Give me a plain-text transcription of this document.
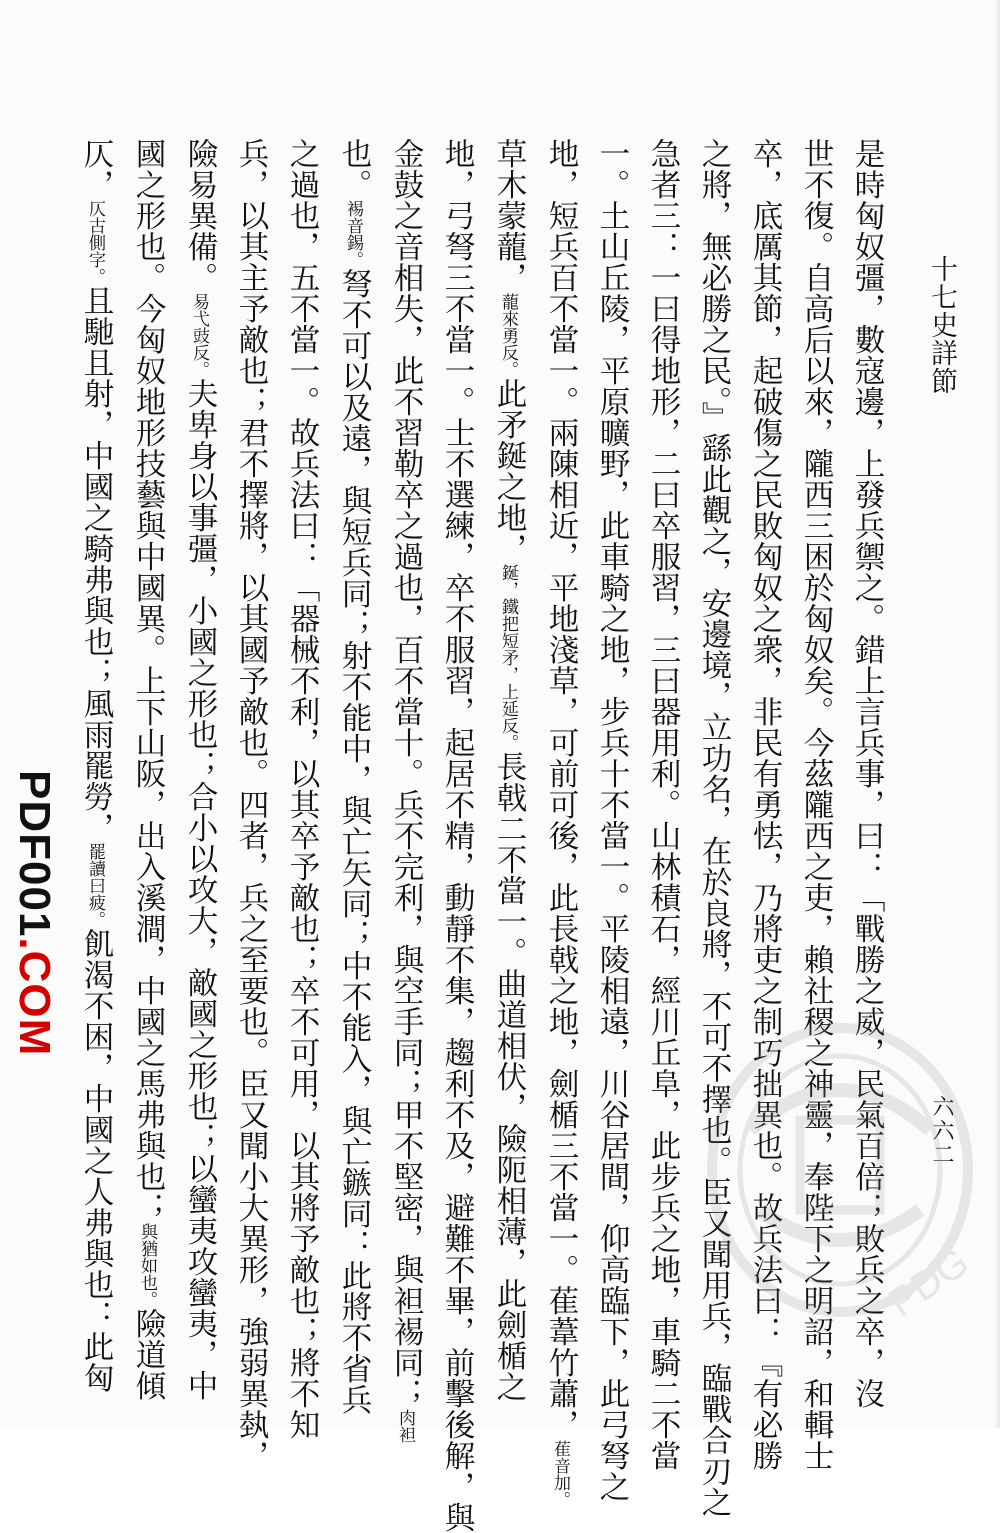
十七史詳節
六六二

是時匈奴彊，數寇邊，上發兵禦之。錯上言兵事，曰：「戰勝之威，民氣百倍；敗兵之卒，沒

世不復。自高后以來，隴西三困於匈奴矣。今茲隴西之吏，賴社稷之神靈，奉陛下之明詔，和輯士

卒，底厲其節，起破傷之民敗匈奴之衆，非民有勇怯，乃將吏之制巧拙異也。故兵法曰：『有必勝

之將，無必勝之民。』繇此觀之，安邊境，立功名，在於良將，不可不擇也。臣又聞用兵，臨戰合刃之

急者三：一曰得地形，二曰卒服習，三曰器用利。山林積石，經川丘阜，此步兵之地，車騎二不當

一。土山丘陵，平原曠野，此車騎之地，步兵十不當一。平陵相遠，川谷居間，仰高臨下，此弓弩之

地，短兵百不當一。兩陳相近，平地淺草，可前可後，此長戟之地，劍楯三不當一。萑葦竹蕭，萑音加。

草木蒙蘢，蘢來勇反。此矛鋋之地，鋋，鐵把短矛，上延反。長戟二不當一。曲道相伏，險阨相薄，此劍楯之

地，弓弩三不當一。士不選練，卒不服習，起居不精，動靜不集，趨利不及，避難不畢，前擊後解，與

金鼓之音相失，此不習勒卒之過也，百不當十。兵不完利，與空手同；甲不堅密，與袒裼同；肉袒

也。裼音錫。弩不可以及遠，與短兵同；射不能中，與亡矢同；中不能入，與亡鏃同：此將不省兵

之過也，五不當一。故兵法曰：「器械不利，以其卒予敵也；卒不可用，以其將予敵也；將不知

兵，以其主予敵也；君不擇將，以其國予敵也。四者，兵之至要也。臣又聞小大異形，強弱異埶，

險易異備。易弋豉反。夫卑身以事彊，小國之形也；合小以攻大，敵國之形也；以蠻夷攻蠻夷，中

國之形也。今匈奴地形技藝與中國異。上下山阪，出入溪澗，中國之馬弗與也；與猶如也。險道傾

仄，仄古側字。且馳且射，中國之騎弗與也；風雨罷勞，罷讀曰疲。飢渴不困，中國之人弗與也：此匈	PDG
PDF001.COM
